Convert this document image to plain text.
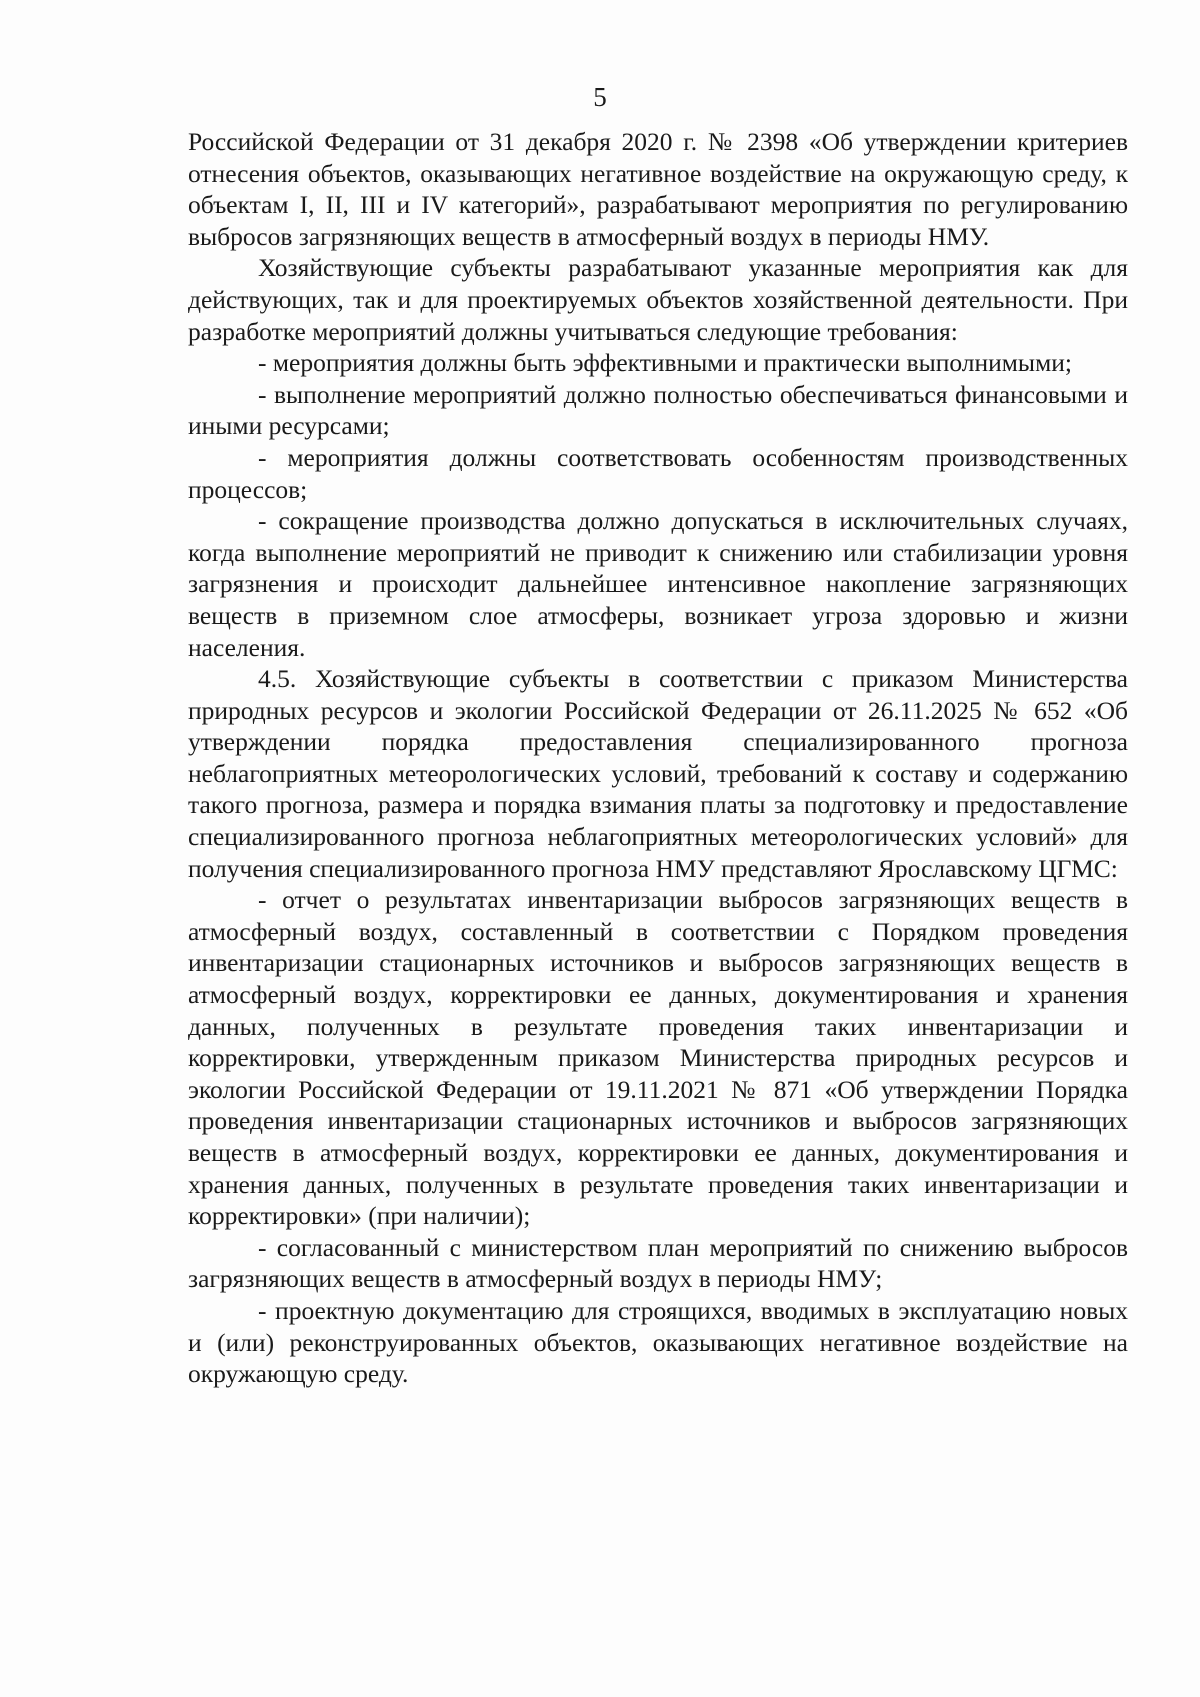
5

Российской Федерации от 31 декабря 2020 г. № 2398 «Об утверждении критериев отнесения объектов, оказывающих негативное воздействие на окружающую среду, к объектам I, II, III и IV категорий», разрабатывают мероприятия по регулированию выбросов загрязняющих веществ в атмосферный воздух в периоды НМУ.

Хозяйствующие субъекты разрабатывают указанные мероприятия как для действующих, так и для проектируемых объектов хозяйственной деятельности. При разработке мероприятий должны учитываться следующие требования:

- мероприятия должны быть эффективными и практически выполнимыми;

- выполнение мероприятий должно полностью обеспечиваться финансовыми и иными ресурсами;

- мероприятия должны соответствовать особенностям производственных процессов;

- сокращение производства должно допускаться в исключительных случаях, когда выполнение мероприятий не приводит к снижению или стабилизации уровня загрязнения и происходит дальнейшее интенсивное накопление загрязняющих веществ в приземном слое атмосферы, возникает угроза здоровью и жизни населения.

4.5. Хозяйствующие субъекты в соответствии с приказом Министерства природных ресурсов и экологии Российской Федерации от 26.11.2025 № 652 «Об утверждении порядка предоставления специализированного прогноза неблагоприятных метеорологических условий, требований к составу и содержанию такого прогноза, размера и порядка взимания платы за подготовку и предоставление специализированного прогноза неблагоприятных метеорологических условий» для получения специализированного прогноза НМУ представляют Ярославскому ЦГМС:

- отчет о результатах инвентаризации выбросов загрязняющих веществ в атмосферный воздух, составленный в соответствии с Порядком проведения инвентаризации стационарных источников и выбросов загрязняющих веществ в атмосферный воздух, корректировки ее данных, документирования и хранения данных, полученных в результате проведения таких инвентаризации и корректировки, утвержденным приказом Министерства природных ресурсов и экологии Российской Федерации от 19.11.2021 № 871 «Об утверждении Порядка проведения инвентаризации стационарных источников и выбросов загрязняющих веществ в атмосферный воздух, корректировки ее данных, документирования и хранения данных, полученных в результате проведения таких инвентаризации и корректировки» (при наличии);

- согласованный с министерством план мероприятий по снижению выбросов загрязняющих веществ в атмосферный воздух в периоды НМУ;

- проектную документацию для строящихся, вводимых в эксплуатацию новых и (или) реконструированных объектов, оказывающих негативное воздействие на окружающую среду.
